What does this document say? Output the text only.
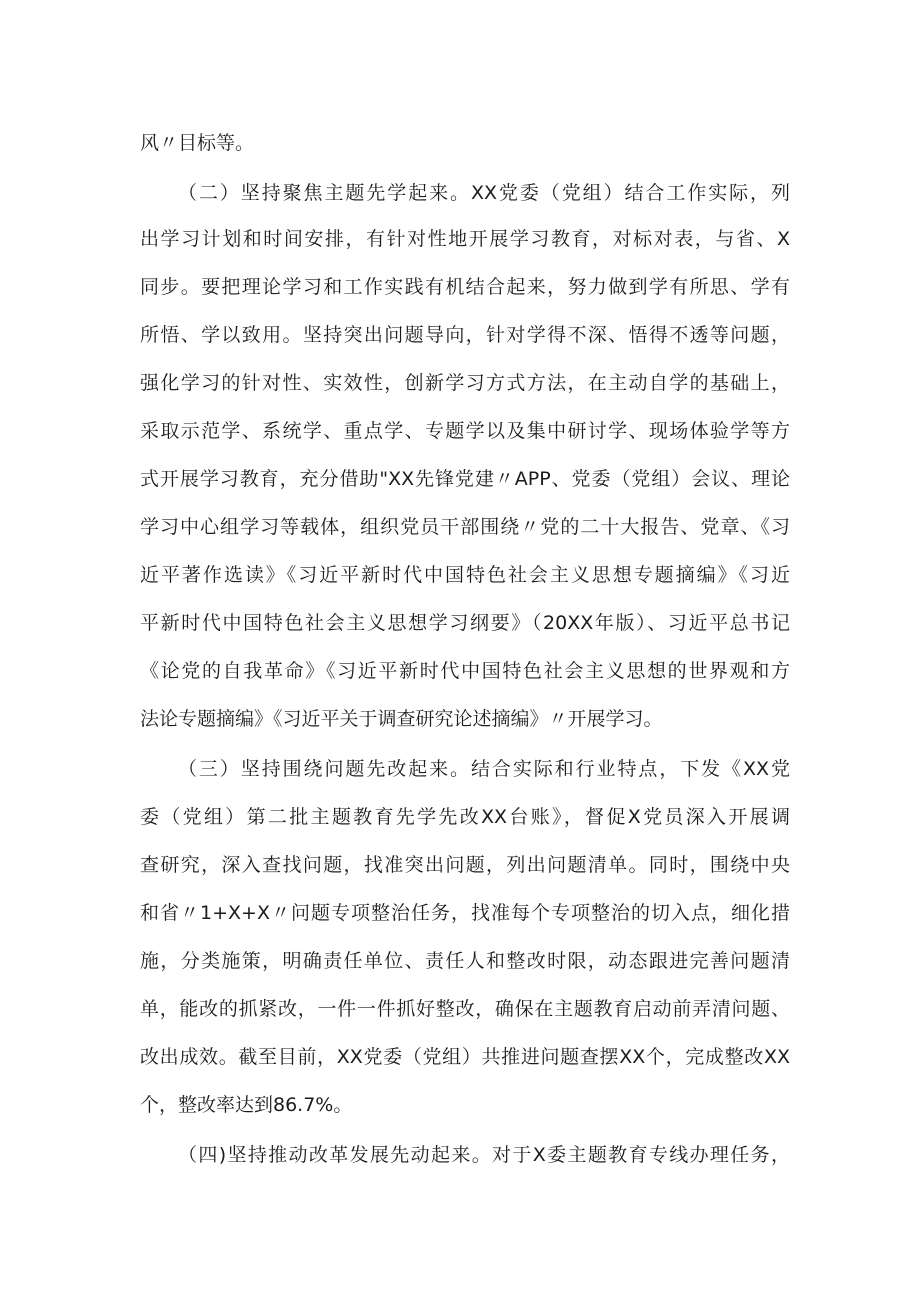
风〃目标等。
（二）坚持聚焦主题先学起来。XX党委（党组）结合工作实际，列
出学习计划和时间安排，有针对性地开展学习教育，对标对表，与省、X
同步。要把理论学习和工作实践有机结合起来，努力做到学有所思、学有
所悟、学以致用。坚持突出问题导向，针对学得不深、悟得不透等问题，
强化学习的针对性、实效性，创新学习方式方法，在主动自学的基础上，
采取示范学、系统学、重点学、专题学以及集中研讨学、现场体验学等方
式开展学习教育，充分借助"XX先锋党建〃APP、党委（党组）会议、理论
学习中心组学习等载体，组织党员干部围绕〃党的二十大报告、党章、《习
近平著作选读》《习近平新时代中国特色社会主义思想专题摘编》《习近
平新时代中国特色社会主义思想学习纲要》（20XX年版）、习近平总书记
《论党的自我革命》《习近平新时代中国特色社会主义思想的世界观和方
法论专题摘编》《习近平关于调查研究论述摘编》〃开展学习。
（三）坚持围绕问题先改起来。结合实际和行业特点，下发《XX党
委（党组）第二批主题教育先学先改XX台账》，督促X党员深入开展调
查研究，深入查找问题，找准突出问题，列出问题清单。同时，围绕中央
和省〃1+X+X〃问题专项整治任务，找准每个专项整治的切入点，细化措
施，分类施策，明确责任单位、责任人和整改时限，动态跟进完善问题清
单，能改的抓紧改，一件一件抓好整改，确保在主题教育启动前弄清问题、
改出成效。截至目前，XX党委（党组）共推进问题查摆XX个，完成整改XX
个，整改率达到86.7%。
（四)坚持推动改革发展先动起来。对于X委主题教育专线办理任务，
